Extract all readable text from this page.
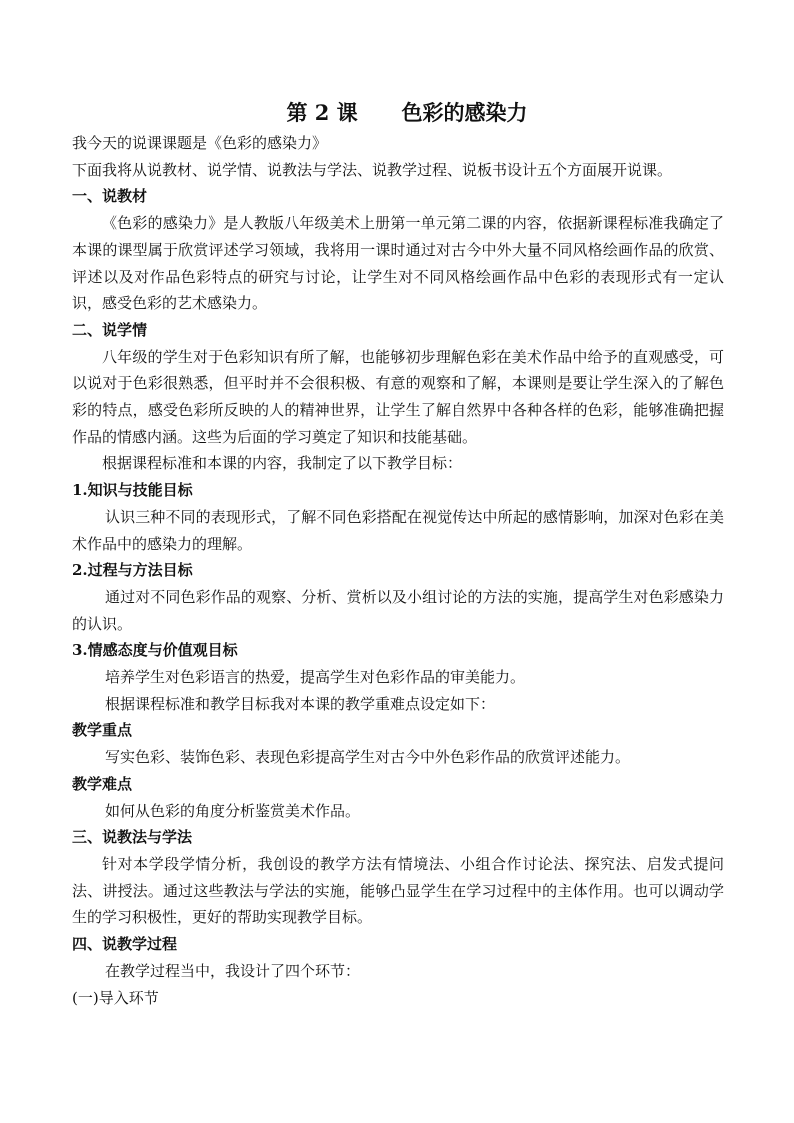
第 2 课      色彩的感染力

我今天的说课课题是《色彩的感染力》

下面我将从说教材、说学情、说教法与学法、说教学过程、说板书设计五个方面展开说课。

一、说教材

《色彩的感染力》是人教版八年级美术上册第一单元第二课的内容，依据新课程标准我确定了本课的课型属于欣赏评述学习领域，我将用一课时通过对古今中外大量不同风格绘画作品的欣赏、评述以及对作品色彩特点的研究与讨论，让学生对不同风格绘画作品中色彩的表现形式有一定认识，感受色彩的艺术感染力。

二、说学情

八年级的学生对于色彩知识有所了解，也能够初步理解色彩在美术作品中给予的直观感受，可以说对于色彩很熟悉，但平时并不会很积极、有意的观察和了解，本课则是要让学生深入的了解色彩的特点，感受色彩所反映的人的精神世界，让学生了解自然界中各种各样的色彩，能够准确把握作品的情感内涵。这些为后面的学习奠定了知识和技能基础。

根据课程标准和本课的内容，我制定了以下教学目标：

1.知识与技能目标

认识三种不同的表现形式，了解不同色彩搭配在视觉传达中所起的感情影响，加深对色彩在美术作品中的感染力的理解。

2.过程与方法目标

通过对不同色彩作品的观察、分析、赏析以及小组讨论的方法的实施，提高学生对色彩感染力的认识。

3.情感态度与价值观目标

培养学生对色彩语言的热爱，提高学生对色彩作品的审美能力。

根据课程标准和教学目标我对本课的教学重难点设定如下：

教学重点

写实色彩、装饰色彩、表现色彩提高学生对古今中外色彩作品的欣赏评述能力。

教学难点

如何从色彩的角度分析鉴赏美术作品。

三、说教法与学法

针对本学段学情分析，我创设的教学方法有情境法、小组合作讨论法、探究法、启发式提问法、讲授法。通过这些教法与学法的实施，能够凸显学生在学习过程中的主体作用。也可以调动学生的学习积极性，更好的帮助实现教学目标。

四、说教学过程

在教学过程当中，我设计了四个环节：

(一)导入环节
